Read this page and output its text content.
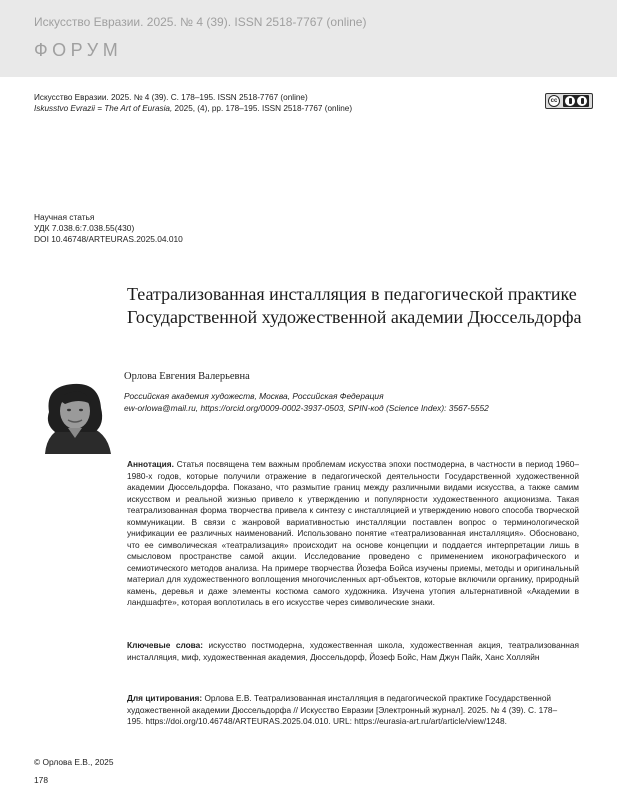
Искусство Евразии. 2025. № 4 (39). ISSN 2518-7767 (online)
ФОРУМ
Искусство Евразии. 2025. № 4 (39). С. 178–195. ISSN 2518-7767 (online)
Iskusstvo Evrazii = The Art of Eurasia, 2025, (4), pp. 178–195. ISSN 2518-7767 (online)
cc
Научная статья
УДК 7.038.6:7.038.55(430)
DOI 10.46748/ARTEURAS.2025.04.010
Театрализованная инсталляция в педагогической практике Государственной художественной академии Дюссельдорфа
Орлова Евгения Валерьевна
Российская академия художеств, Москва, Российская Федерация
ew-orlowa@mail.ru, https://orcid.org/0009-0002-3937-0503, SPIN-код (Science Index): 3567-5552
Аннотация. Статья посвящена тем важным проблемам искусства эпохи постмодерна, в частности в период 1960–1980-х годов, которые получили отражение в педагогической деятельности Государственной художественной академии Дюссельдорфа. Показано, что размытие границ между различными видами искусства, а также самим искусством и реальной жизнью привело к утверждению и популярности художественного акционизма. Такая театрализованная форма творчества привела к синтезу с инсталляцией и утверждению нового способа творческой коммуникации. В связи с жанровой вариативностью инсталляции поставлен вопрос о терминологической унификации ее различных наименований. Использовано понятие «театрализованная инсталляция». Обосновано, что ее символическая «театрализация» происходит на основе концепции и поддается интерпретации лишь в смысловом пространстве самой акции. Исследование проведено с применением иконографического и семиотического методов анализа. На примере творчества Йозефа Бойса изучены приемы, методы и оригинальный материал для художественного воплощения многочисленных арт-объектов, которые включили органику, природный камень, деревья и даже элементы костюма самого художника. Изучена утопия альтернативной «Академии в ландшафте», которая воплотилась в его искусстве через символические знаки.
Ключевые слова: искусство постмодерна, художественная школа, художественная акция, театрализованная инсталляция, миф, художественная академия, Дюссельдорф, Йозеф Бойс, Нам Джун Пайк, Ханс Холляйн
Для цитирования: Орлова Е.В. Театрализованная инсталляция в педагогической практике Государственной художественной академии Дюссельдорфа // Искусство Евразии [Электронный журнал]. 2025. № 4 (39). С. 178–195. https://doi.org/10.46748/ARTEURAS.2025.04.010. URL: https://eurasia-art.ru/art/article/view/1248.
© Орлова Е.В., 2025
178
